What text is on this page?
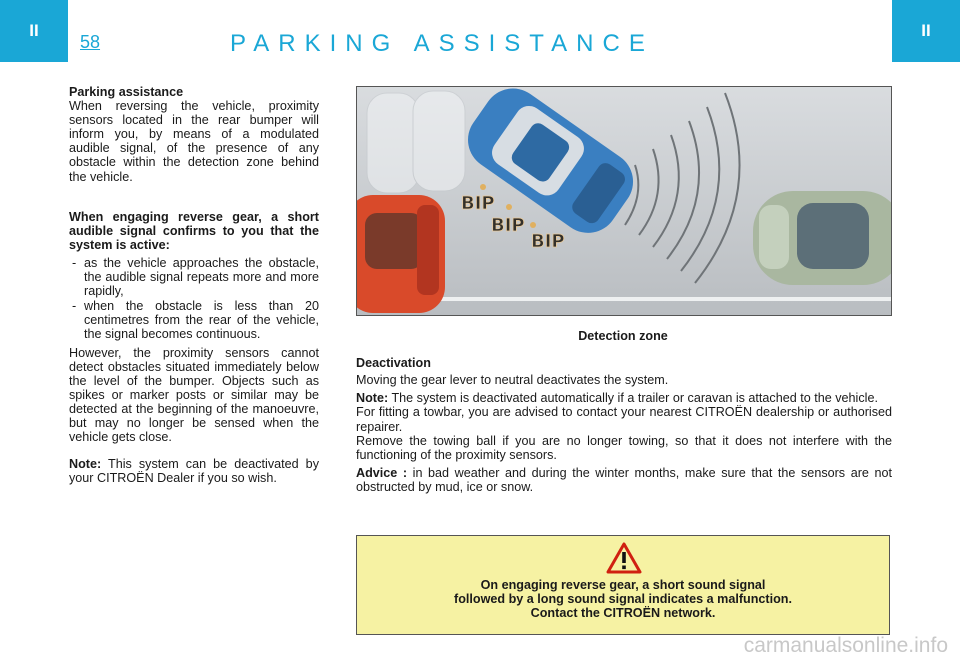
II	II
58	PARKING ASSISTANCE

Parking assistance

When reversing the vehicle, proximity sensors located in the rear bumper will inform you, by means of a modulated audible signal, of the presence of any obstacle within the detection zone behind the vehicle.

When engaging reverse gear, a short audible signal confirms to you that the system is active:

- as the vehicle approaches the obstacle, the audible signal repeats more and more rapidly,
- when the obstacle is less than 20 centimetres from the rear of the vehicle, the signal becomes continuous.

However, the proximity sensors cannot detect obstacles situated immediately below the level of the bumper. Objects such as spikes or marker posts or similar may be detected at the beginning of the manoeuvre, but may no longer be sensed when the vehicle gets close.

Note: This system can be deactivated by your CITROËN Dealer if you so wish.

BIP
BIP
BIP
Detection zone

Deactivation

Moving the gear lever to neutral deactivates the system.

Note: The system is deactivated automatically if a trailer or caravan is attached to the vehicle.

For fitting a towbar, you are advised to contact your nearest CITROËN dealership or authorised repairer.

Remove the towing ball if you are no longer towing, so that it does not interfere with the functioning of the proximity sensors.

Advice : in bad weather and during the winter months, make sure that the sensors are not obstructed by mud, ice or snow.

On engaging reverse gear, a short sound signal
followed by a long sound signal indicates a malfunction.
Contact the CITROËN network.
carmanualsonline.info
